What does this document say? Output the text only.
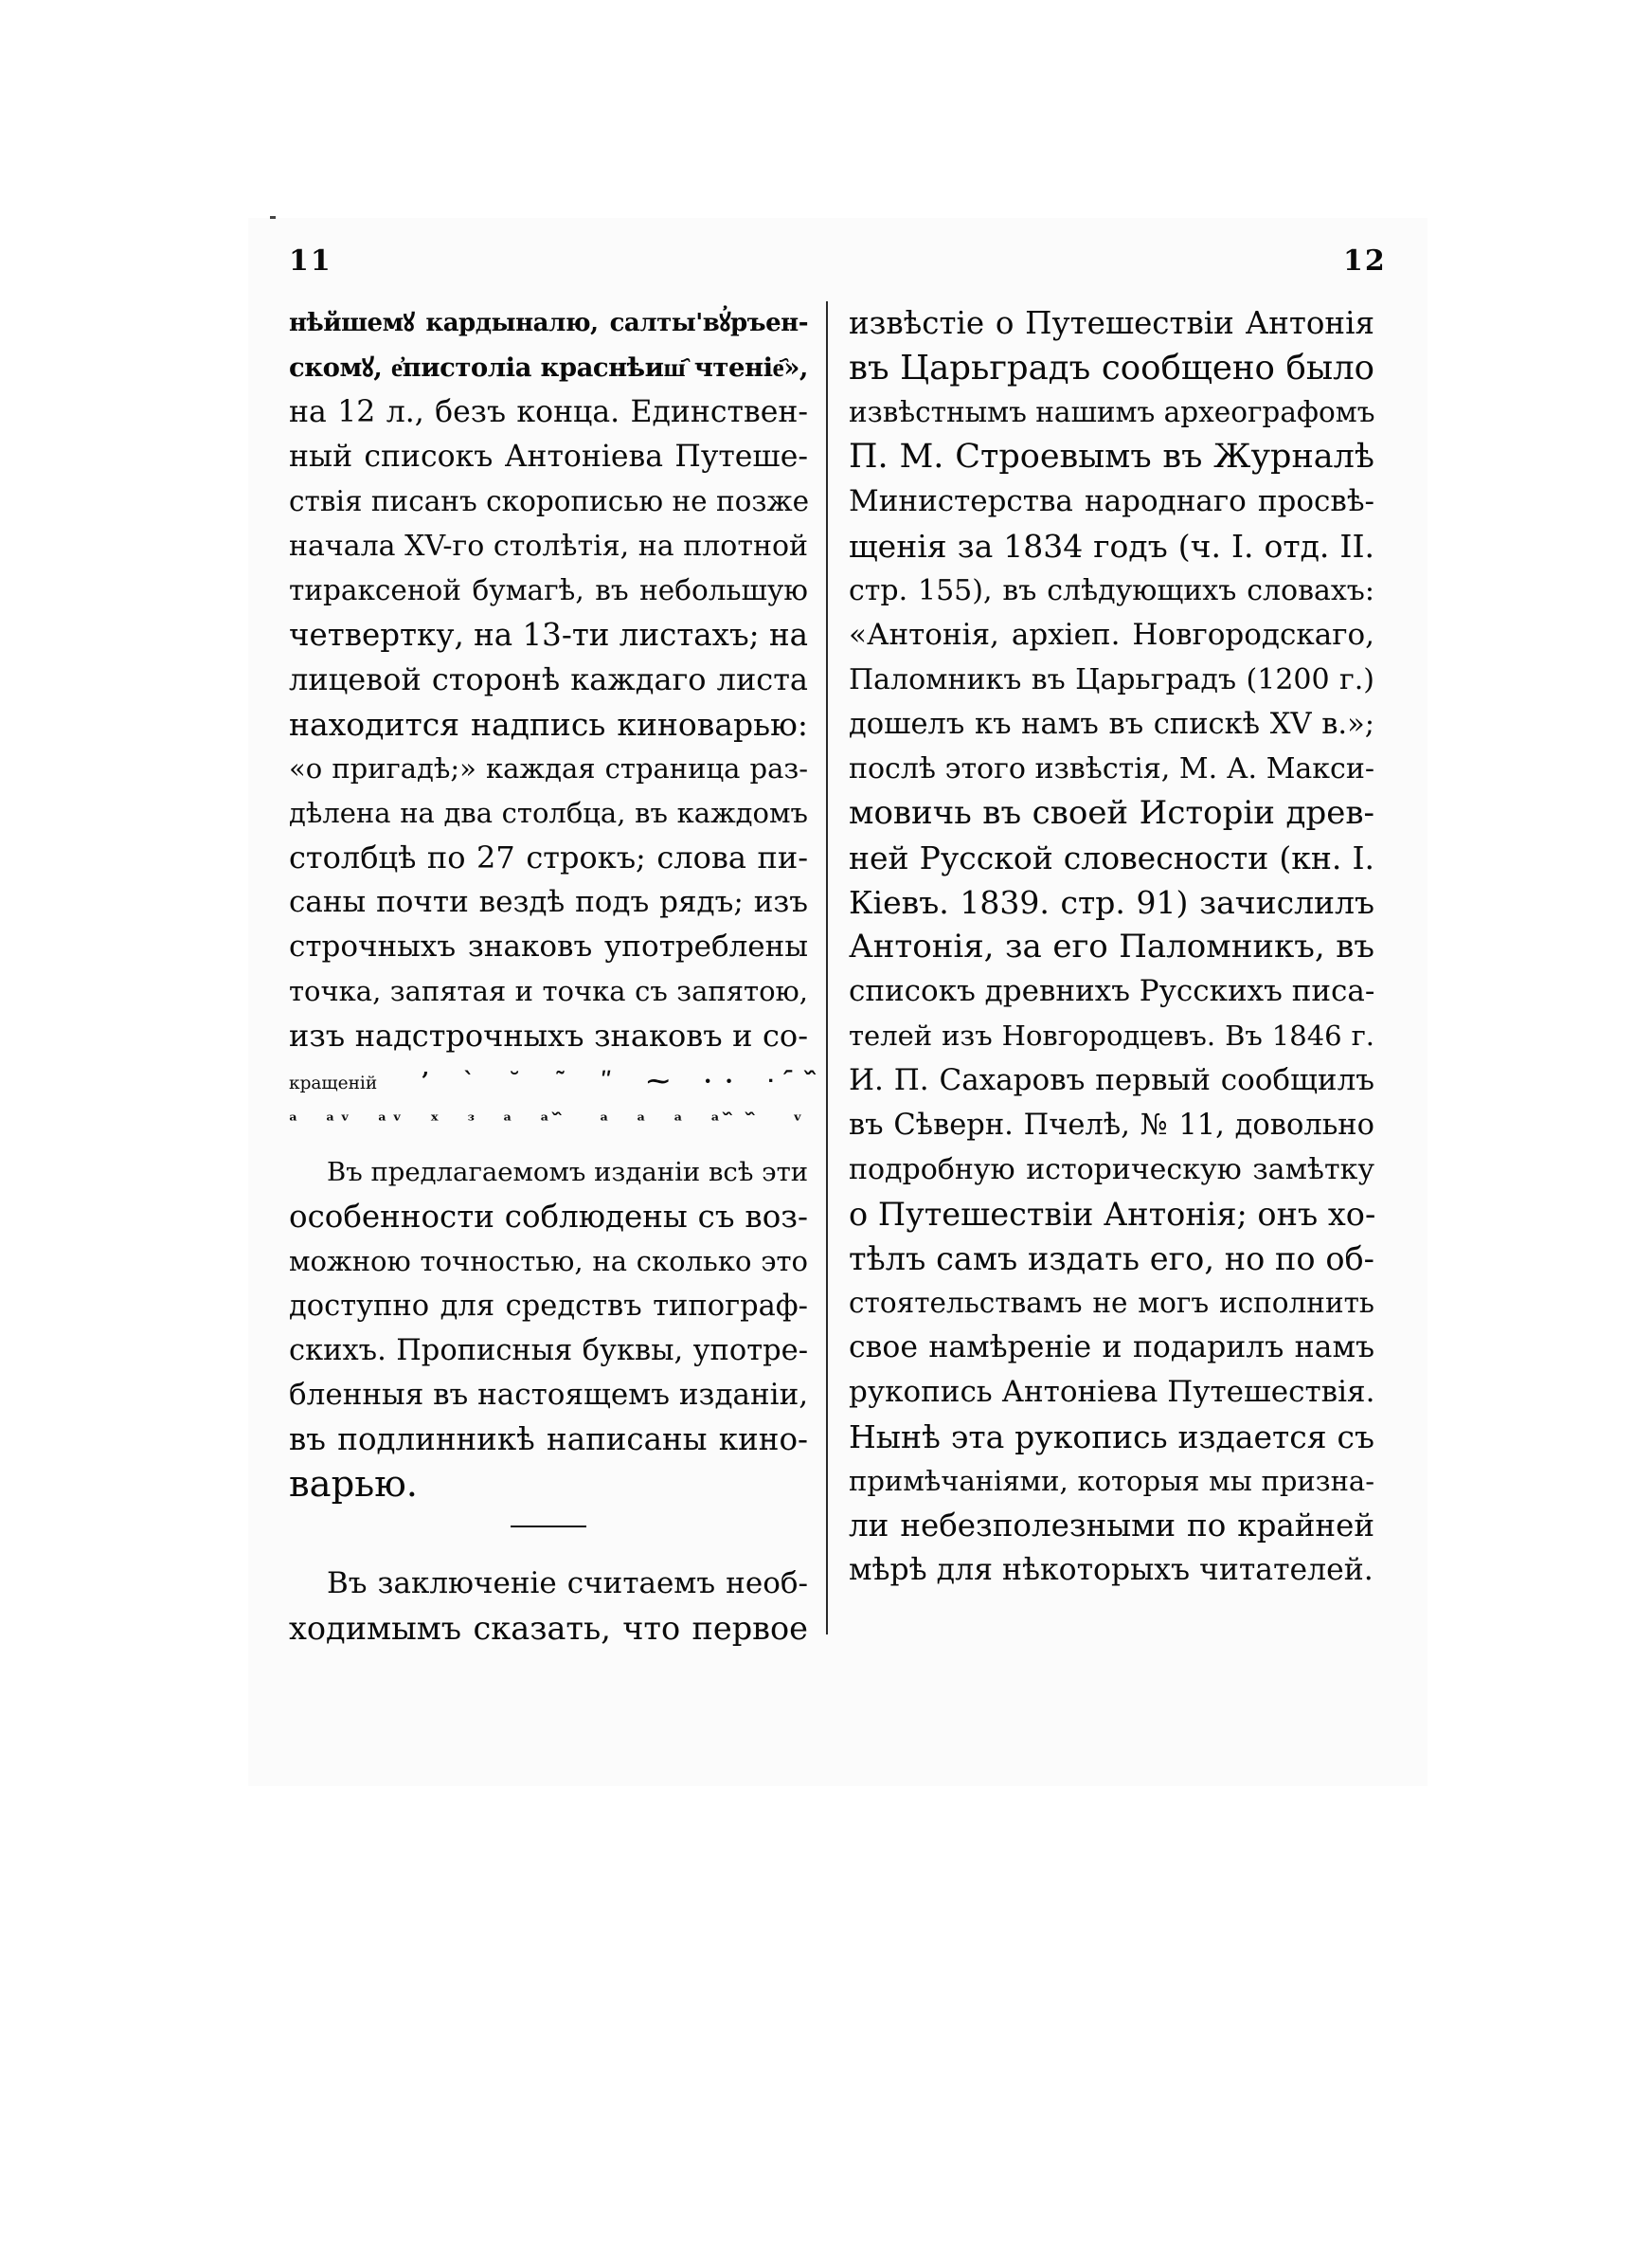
11	12
нѣйшемꙋ кардыналю, салты'вꙋ҆ръен-
скомꙋ, е҆пистоліа краснѣиш҄ чтеніе҄»,
на 12 л., безъ конца. Единствен-
ный списокъ Антоніева Путеше-
ствія писанъ скорописью не позже
начала XV-го столѣтія, на плотной
тираксеной бумагѣ, въ небольшую
четвертку, на 13-ти листахъ; на
лицевой сторонѣ каждаго листа
находится надпись киноварью:
«о пригадѣ;» каждая страница раз-
дѣлена на два столбца, въ каждомъ
столбцѣ по 27 строкъ; слова пи-
саны почти вездѣ подъ рядъ; изъ
строчныхъ знаковъ употреблены
точка, запятая и точка съ запятою,
изъ надстрочныхъ знаковъ и со-
кращеній ʼ ˋ ˘ ˜ ʺ ⁓ ·· ᐧ ᷇ ᷈
ᵃ ᵃᵛ ᵃᵛ ˣ ᵌ ᵃ ᵃ ᷈ ᵃ ᵃ ᵃ ᵃ ᷈ ᷈ ᵛ
Въ предлагаемомъ изданіи всѣ эти
особенности соблюдены съ воз-
можною точностью, на сколько это
доступно для средствъ типограф-
скихъ. Прописныя буквы, употре-
бленныя въ настоящемъ изданіи,
въ подлинникѣ написаны кино-
варью.
Въ заключеніе считаемъ необ-
ходимымъ сказать, что первое
извѣстіе о Путешествіи Антонія
въ Царьградъ сообщено было
извѣстнымъ нашимъ археографомъ
П. М. Строевымъ въ Журналѣ
Министерства народнаго просвѣ-
щенія за 1834 годъ (ч. I. отд. II.
стр. 155), въ слѣдующихъ словахъ:
«Антонія, архіеп. Новгородскаго,
Паломникъ въ Царьградъ (1200 г.)
дошелъ къ намъ въ спискѣ XV в.»;
послѣ этого извѣстія, М. А. Макси-
мовичь въ своей Исторіи древ-
ней Русской словесности (кн. I.
Кіевъ. 1839. стр. 91) зачислилъ
Антонія, за его Паломникъ, въ
списокъ древнихъ Русскихъ писа-
телей изъ Новгородцевъ. Въ 1846 г.
И. П. Сахаровъ первый сообщилъ
въ Сѣверн. Пчелѣ, № 11, довольно
подробную историческую замѣтку
о Путешествіи Антонія; онъ хо-
тѣлъ самъ издать его, но по об-
стоятельствамъ не могъ исполнить
свое намѣреніе и подарилъ намъ
рукопись Антоніева Путешествія.
Нынѣ эта рукопись издается съ
примѣчаніями, которыя мы призна-
ли небезполезными по крайней
мѣрѣ для нѣкоторыхъ читателей.
